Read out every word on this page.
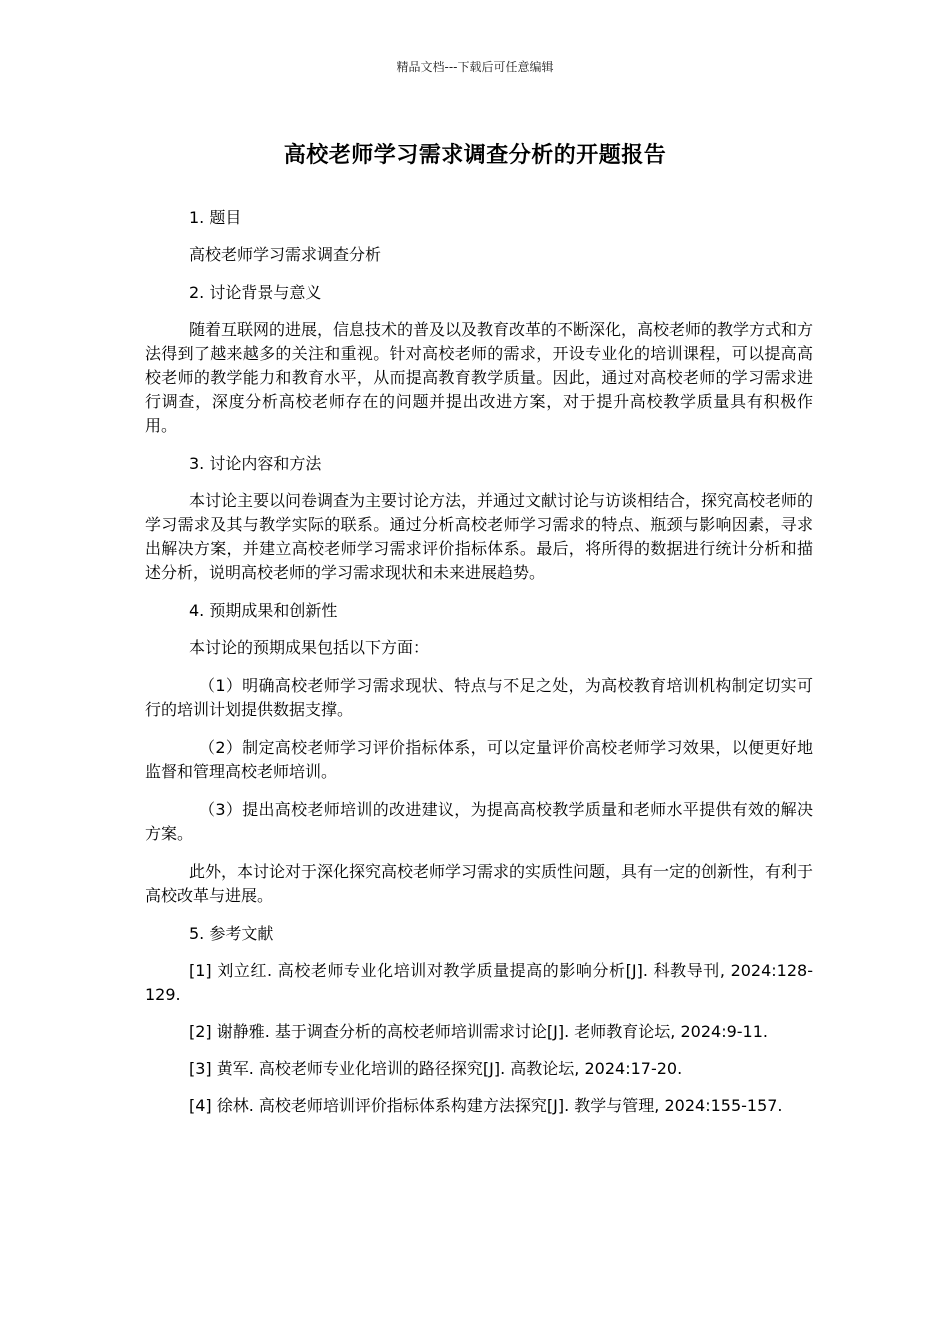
精品文档---下载后可任意编辑
高校老师学习需求调查分析的开题报告

1. 题目

高校老师学习需求调查分析

2. 讨论背景与意义

随着互联网的进展，信息技术的普及以及教育改革的不断深化，高校老师的教学方式和方法得到了越来越多的关注和重视。针对高校老师的需求，开设专业化的培训课程，可以提高高校老师的教学能力和教育水平，从而提高教育教学质量。因此，通过对高校老师的学习需求进行调查，深度分析高校老师存在的问题并提出改进方案，对于提升高校教学质量具有积极作用。

3. 讨论内容和方法

本讨论主要以问卷调查为主要讨论方法，并通过文献讨论与访谈相结合，探究高校老师的学习需求及其与教学实际的联系。通过分析高校老师学习需求的特点、瓶颈与影响因素，寻求出解决方案，并建立高校老师学习需求评价指标体系。最后，将所得的数据进行统计分析和描述分析，说明高校老师的学习需求现状和未来进展趋势。

4. 预期成果和创新性

本讨论的预期成果包括以下方面：

（1）明确高校老师学习需求现状、特点与不足之处，为高校教育培训机构制定切实可行的培训计划提供数据支撑。

（2）制定高校老师学习评价指标体系，可以定量评价高校老师学习效果，以便更好地监督和管理高校老师培训。

（3）提出高校老师培训的改进建议，为提高高校教学质量和老师水平提供有效的解决方案。

此外，本讨论对于深化探究高校老师学习需求的实质性问题，具有一定的创新性，有利于高校改革与进展。

5. 参考文献

[1] 刘立红. 高校老师专业化培训对教学质量提高的影响分析[J]. 科教导刊, 2024:128-129.

[2] 谢静雅. 基于调查分析的高校老师培训需求讨论[J]. 老师教育论坛, 2024:9-11.

[3] 黄军. 高校老师专业化培训的路径探究[J]. 高教论坛, 2024:17-20.

[4] 徐林. 高校老师培训评价指标体系构建方法探究[J]. 教学与管理, 2024:155-157.
